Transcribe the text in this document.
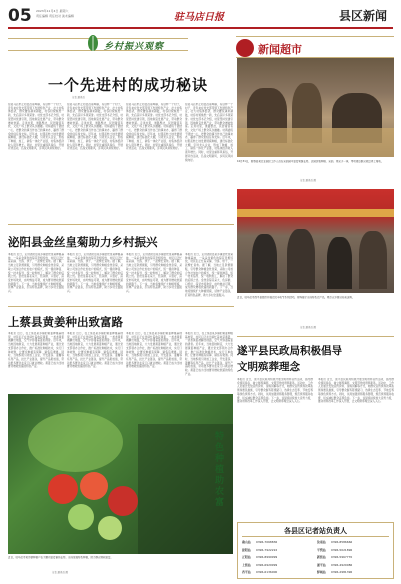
05 2023年11月4日 星期六
责任编辑 责任校对 美术编辑	驻马店日报	县区新闻
乡村振兴观察	新闻超市
一个先进村的成功秘诀
记者 通讯员
在驻马店市正阳县汝南埠镇，有这样一个村子，近年来在党支部带领下发展特色产业，壮大村集体经济，群众腰包越来越鼓，村容村貌焕然一新，先后获评多项荣誉。村党支部书记介绍，村里坚持党建引领，因地制宜发展产业，带动群众增收致富。走进村里，道路整洁，民居错落有致，文化广场上群众其乐融融。村两委班子团结一心，把群众的事当作自己的事来办，赢得了群众的信任和支持。近年来，村里流转土地发展规模种植，建设标准化大棚，引进龙头企业，形成了种植、加工、销售一体化产业链，村集体经济收入逐年增长。同时，村里注重移风易俗，开展评选活动，弘扬文明新风，乡风民风持续向好。
在驻马店市正阳县汝南埠镇，有这样一个村子，近年来在党支部带领下发展特色产业，壮大村集体经济，群众腰包越来越鼓，村容村貌焕然一新，先后获评多项荣誉。村党支部书记介绍，村里坚持党建引领，因地制宜发展产业，带动群众增收致富。走进村里，道路整洁，民居错落有致，文化广场上群众其乐融融。村两委班子团结一心，把群众的事当作自己的事来办，赢得了群众的信任和支持。近年来，村里流转土地发展规模种植，建设标准化大棚，引进龙头企业，形成了种植、加工、销售一体化产业链，村集体经济收入逐年增长。同时，村里注重移风易俗，开展评选活动，弘扬文明新风，乡风民风持续向好。
在驻马店市正阳县汝南埠镇，有这样一个村子，近年来在党支部带领下发展特色产业，壮大村集体经济，群众腰包越来越鼓，村容村貌焕然一新，先后获评多项荣誉。村党支部书记介绍，村里坚持党建引领，因地制宜发展产业，带动群众增收致富。走进村里，道路整洁，民居错落有致，文化广场上群众其乐融融。村两委班子团结一心，把群众的事当作自己的事来办，赢得了群众的信任和支持。近年来，村里流转土地发展规模种植，建设标准化大棚，引进龙头企业，形成了种植、加工、销售一体化产业链，村集体经济收入逐年增长。同时，村里注重移风易俗，开展评选活动，弘扬文明新风，乡风民风持续向好。
在驻马店市正阳县汝南埠镇，有这样一个村子，近年来在党支部带领下发展特色产业，壮大村集体经济，群众腰包越来越鼓，村容村貌焕然一新，先后获评多项荣誉。村党支部书记介绍，村里坚持党建引领，因地制宜发展产业，带动群众增收致富。走进村里，道路整洁，民居错落有致，文化广场上群众其乐融融。村两委班子团结一心，把群众的事当作自己的事来办，赢得了群众的信任和支持。近年来，村里流转土地发展规模种植，建设标准化大棚，引进龙头企业，形成了种植、加工、销售一体化产业链，村集体经济收入逐年增长。同时，村里注重移风易俗，开展评选活动，弘扬文明新风，乡风民风持续向好。	10月31日，新蔡县某农业园区工作人员在采摘园中查看果蔬长势。该园区集种植、采摘、观光于一体，带动周边群众就近务工增收。
记者 通讯员 摄
近日，驻马店市西平县组织开展农民丰收节系列活动，现场展示当地特色农产品，吸引众多群众前来选购。
记者 通讯员 摄
泌阳县金丝皇菊助力乡村振兴
本报讯 近日，走进泌阳县某乡镇金丝皇菊种植基地，一朵朵金黄色的菊花竞相绽放，村民们正忙着采摘、分拣、烘干，一派繁忙景象。据了解，当地立足资源禀赋，引导群众种植金丝皇菊，采取公司加合作社加农户的模式，统一提供种苗、统一技术指导、统一收购加工，解决了群众的后顾之忧。金丝皇菊花朵大、色泽鲜、口感好，深受市场欢迎，亩均效益可观，成为群众增收致富的新路子。下一步，当地将继续扩大种植规模，延伸产业链条，打造特色品牌，助力乡村全面振兴。
本报讯 近日，走进泌阳县某乡镇金丝皇菊种植基地，一朵朵金黄色的菊花竞相绽放，村民们正忙着采摘、分拣、烘干，一派繁忙景象。据了解，当地立足资源禀赋，引导群众种植金丝皇菊，采取公司加合作社加农户的模式，统一提供种苗、统一技术指导、统一收购加工，解决了群众的后顾之忧。金丝皇菊花朵大、色泽鲜、口感好，深受市场欢迎，亩均效益可观，成为群众增收致富的新路子。下一步，当地将继续扩大种植规模，延伸产业链条，打造特色品牌，助力乡村全面振兴。
本报讯 近日，走进泌阳县某乡镇金丝皇菊种植基地，一朵朵金黄色的菊花竞相绽放，村民们正忙着采摘、分拣、烘干，一派繁忙景象。据了解，当地立足资源禀赋，引导群众种植金丝皇菊，采取公司加合作社加农户的模式，统一提供种苗、统一技术指导、统一收购加工，解决了群众的后顾之忧。金丝皇菊花朵大、色泽鲜、口感好，深受市场欢迎，亩均效益可观，成为群众增收致富的新路子。下一步，当地将继续扩大种植规模，延伸产业链条，打造特色品牌，助力乡村全面振兴。
本报讯 近日，走进泌阳县某乡镇金丝皇菊种植基地，一朵朵金黄色的菊花竞相绽放，村民们正忙着采摘、分拣、烘干，一派繁忙景象。据了解，当地立足资源禀赋，引导群众种植金丝皇菊，采取公司加合作社加农户的模式，统一提供种苗、统一技术指导、统一收购加工，解决了群众的后顾之忧。金丝皇菊花朵大、色泽鲜、口感好，深受市场欢迎，亩均效益可观，成为群众增收致富的新路子。下一步，当地将继续扩大种植规模，延伸产业链条，打造特色品牌，助力乡村全面振兴。
上蔡县黄姜种出致富路
本报讯 近日，在上蔡县某乡镇的黄姜种植基地里，村民们正在田间忙着收获黄姜，一垄垄黄姜被翻出地面，空气中弥漫着姜的清香。近年来，当地因地制宜，大力发展黄姜种植产业，通过党支部领办合作社，推广标准化种植技术，实行订单收购，让群众种植有保障、销售有渠道。同时，当地积极引进加工企业，开发姜茶、姜糖等系列产品，拉长产业链条，提升产品附加值，带动更多群众在家门口就业增收。黄姜已成为当地群众增收致富的特色产业。
本报讯 近日，在上蔡县某乡镇的黄姜种植基地里，村民们正在田间忙着收获黄姜，一垄垄黄姜被翻出地面，空气中弥漫着姜的清香。近年来，当地因地制宜，大力发展黄姜种植产业，通过党支部领办合作社，推广标准化种植技术，实行订单收购，让群众种植有保障、销售有渠道。同时，当地积极引进加工企业，开发姜茶、姜糖等系列产品，拉长产业链条，提升产品附加值，带动更多群众在家门口就业增收。黄姜已成为当地群众增收致富的特色产业。
本报讯 近日，在上蔡县某乡镇的黄姜种植基地里，村民们正在田间忙着收获黄姜，一垄垄黄姜被翻出地面，空气中弥漫着姜的清香。近年来，当地因地制宜，大力发展黄姜种植产业，通过党支部领办合作社，推广标准化种植技术，实行订单收购，让群众种植有保障、销售有渠道。同时，当地积极引进加工企业，开发姜茶、姜糖等系列产品，拉长产业链条，提升产品附加值，带动更多群众在家门口就业增收。黄姜已成为当地群众增收致富的特色产业。
本报讯 近日，在上蔡县某乡镇的黄姜种植基地里，村民们正在田间忙着收获黄姜，一垄垄黄姜被翻出地面，空气中弥漫着姜的清香。近年来，当地因地制宜，大力发展黄姜种植产业，通过党支部领办合作社，推广标准化种植技术，实行订单收购，让群众种植有保障、销售有渠道。同时，当地积极引进加工企业，开发姜茶、姜糖等系列产品，拉长产业链条，提升产品附加值，带动更多群众在家门口就业增收。黄姜已成为当地群众增收致富的特色产业。
特色种植助农富
近日，驻马店市某乡镇种植户在大棚内查看番茄长势。当地发展特色种植，助力群众增收致富。
记者 通讯员 摄
遂平县民政局积极倡导
文明殡葬理念
本报讯 近日，遂平县民政局积极开展文明殡葬宣传活动，倡导群众移风易俗，树立厚养薄葬、文明节俭的殡葬新风。活动中，工作人员通过发放宣传资料、现场讲解等方式，向群众宣传殡葬改革政策和惠民措施，引导群众摒弃陈规陋习，选择生态安葬、节地安葬等绿色殡葬方式。同时，该局加强殡葬服务管理，规范殡葬服务收费，切实减轻群众丧葬负担。下一步，该局将持续加大宣传力度，推动殡葬改革工作深入开展，让文明殡葬理念深入人心。
本报讯 近日，遂平县民政局积极开展文明殡葬宣传活动，倡导群众移风易俗，树立厚养薄葬、文明节俭的殡葬新风。活动中，工作人员通过发放宣传资料、现场讲解等方式，向群众宣传殡葬改革政策和惠民措施，引导群众摒弃陈规陋习，选择生态安葬、节地安葬等绿色殡葬方式。同时，该局加强殡葬服务管理，规范殡葬服务收费，切实减轻群众丧葬负担。下一步，该局将持续加大宣传力度，推动殡葬改革工作深入开展，让文明殡葬理念深入人心。
各县区记者站负责人
确山站 0396-7068836	汝南站 0396-8586666
泌阳站 0396-7922222	平舆站 0396-5021896
正阳站 0396-8999999	新蔡站 0396-5967770
上蔡站 0396-6929999	遂平站 0396-4920086
西平站 0396-6136000	驿城站 0396-2981396
